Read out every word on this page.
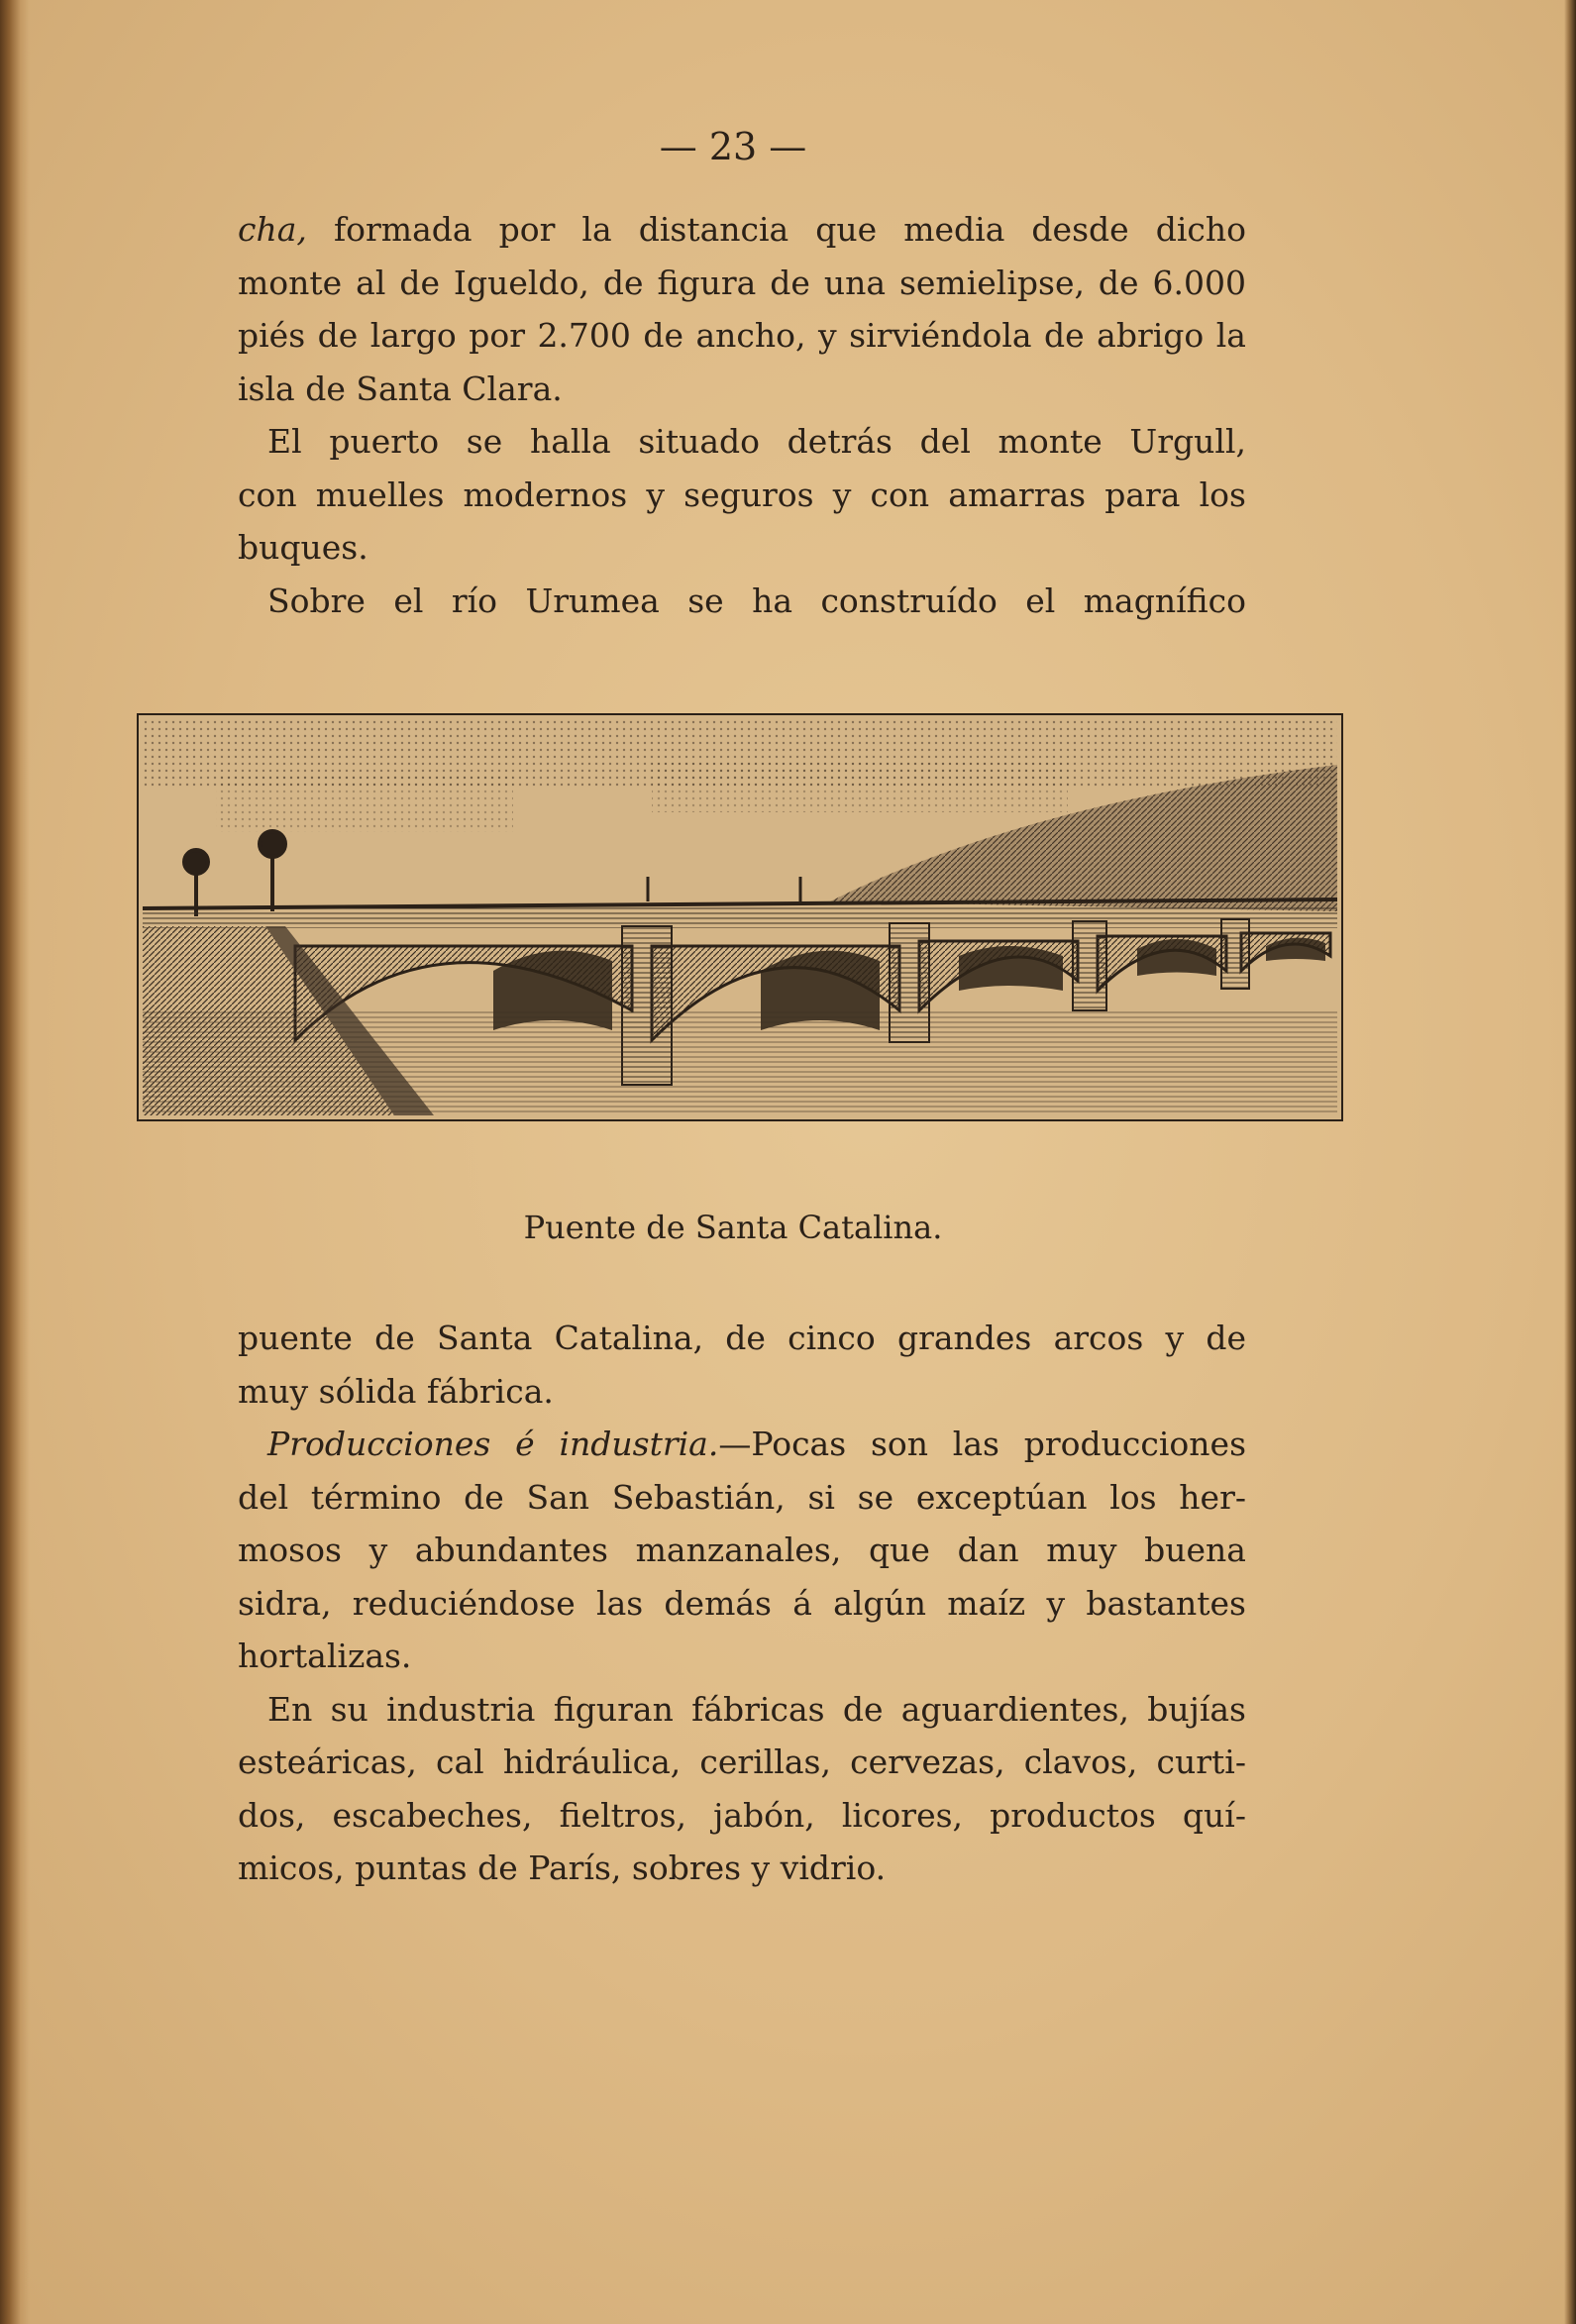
— 23 —
cha, formada por la distancia que media desde dicho
monte al de Igueldo, de figura de una semielipse, de 6.000
piés de largo por 2.700 de ancho, y sirviéndola de abrigo la
isla de Santa Clara.
El puerto se halla situado detrás del monte Urgull,
con muelles modernos y seguros y con amarras para los
buques.
Sobre el río Urumea se ha construído el magnífico
Puente de Santa Catalina.
puente de Santa Catalina, de cinco grandes arcos y de
muy sólida fábrica.
Producciones é industria.—Pocas son las producciones
del término de San Sebastián, si se exceptúan los her-
mosos y abundantes manzanales, que dan muy buena
sidra, reduciéndose las demás á algún maíz y bastantes
hortalizas.
En su industria figuran fábricas de aguardientes, bujías
esteáricas, cal hidráulica, cerillas, cervezas, clavos, curti-
dos, escabeches, fieltros, jabón, licores, productos quí-
micos, puntas de París, sobres y vidrio.
